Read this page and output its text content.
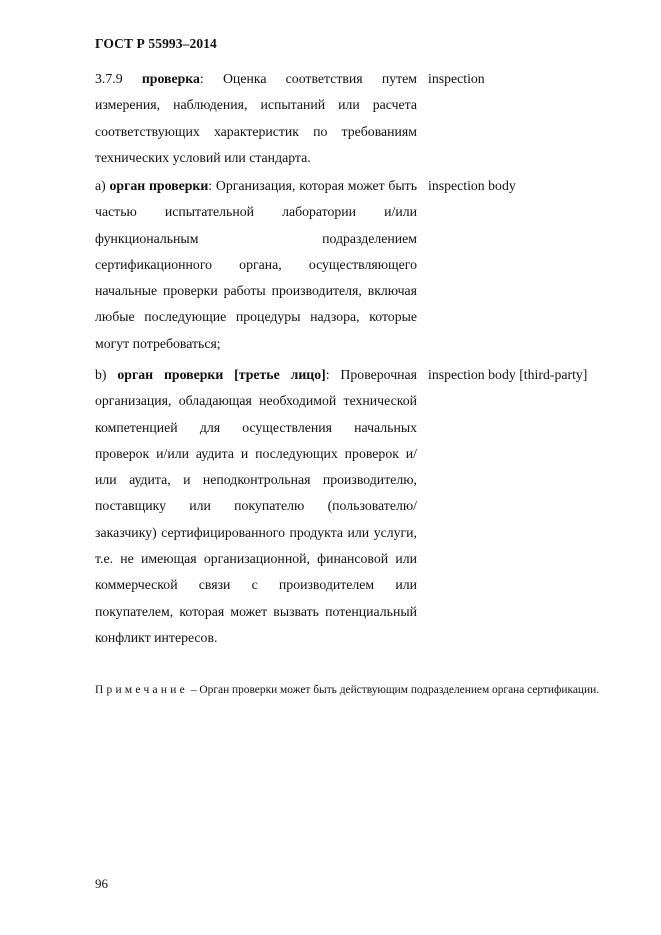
ГОСТ Р 55993–2014
3.7.9 проверка: Оценка соответствия путем измерения, наблюдения, испытаний или расчета соответствующих характеристик по требованиям технических условий или стандарта.
inspection
а) орган проверки: Организация, которая может быть частью испытательной лаборатории и/или функциональным подразделением сертификационного органа, осуществляющего начальные проверки работы производителя, включая любые последующие процедуры надзора, которые могут потребоваться;
inspection body
b) орган проверки [третье лицо]: Проверочная организация, обладающая необходимой технической компетенцией для осуществления начальных проверок и/или аудита и последующих проверок и/или аудита, и неподконтрольная производителю, поставщику или покупателю (пользователю/заказчику) сертифицированного продукта или услуги, т.е. не имеющая организационной, финансовой или коммерческой связи с производителем или покупателем, которая может вызвать потенциальный конфликт интересов.
inspection body [third-party]
Примечание – Орган проверки может быть действующим подразделением органа сертификации.
96
